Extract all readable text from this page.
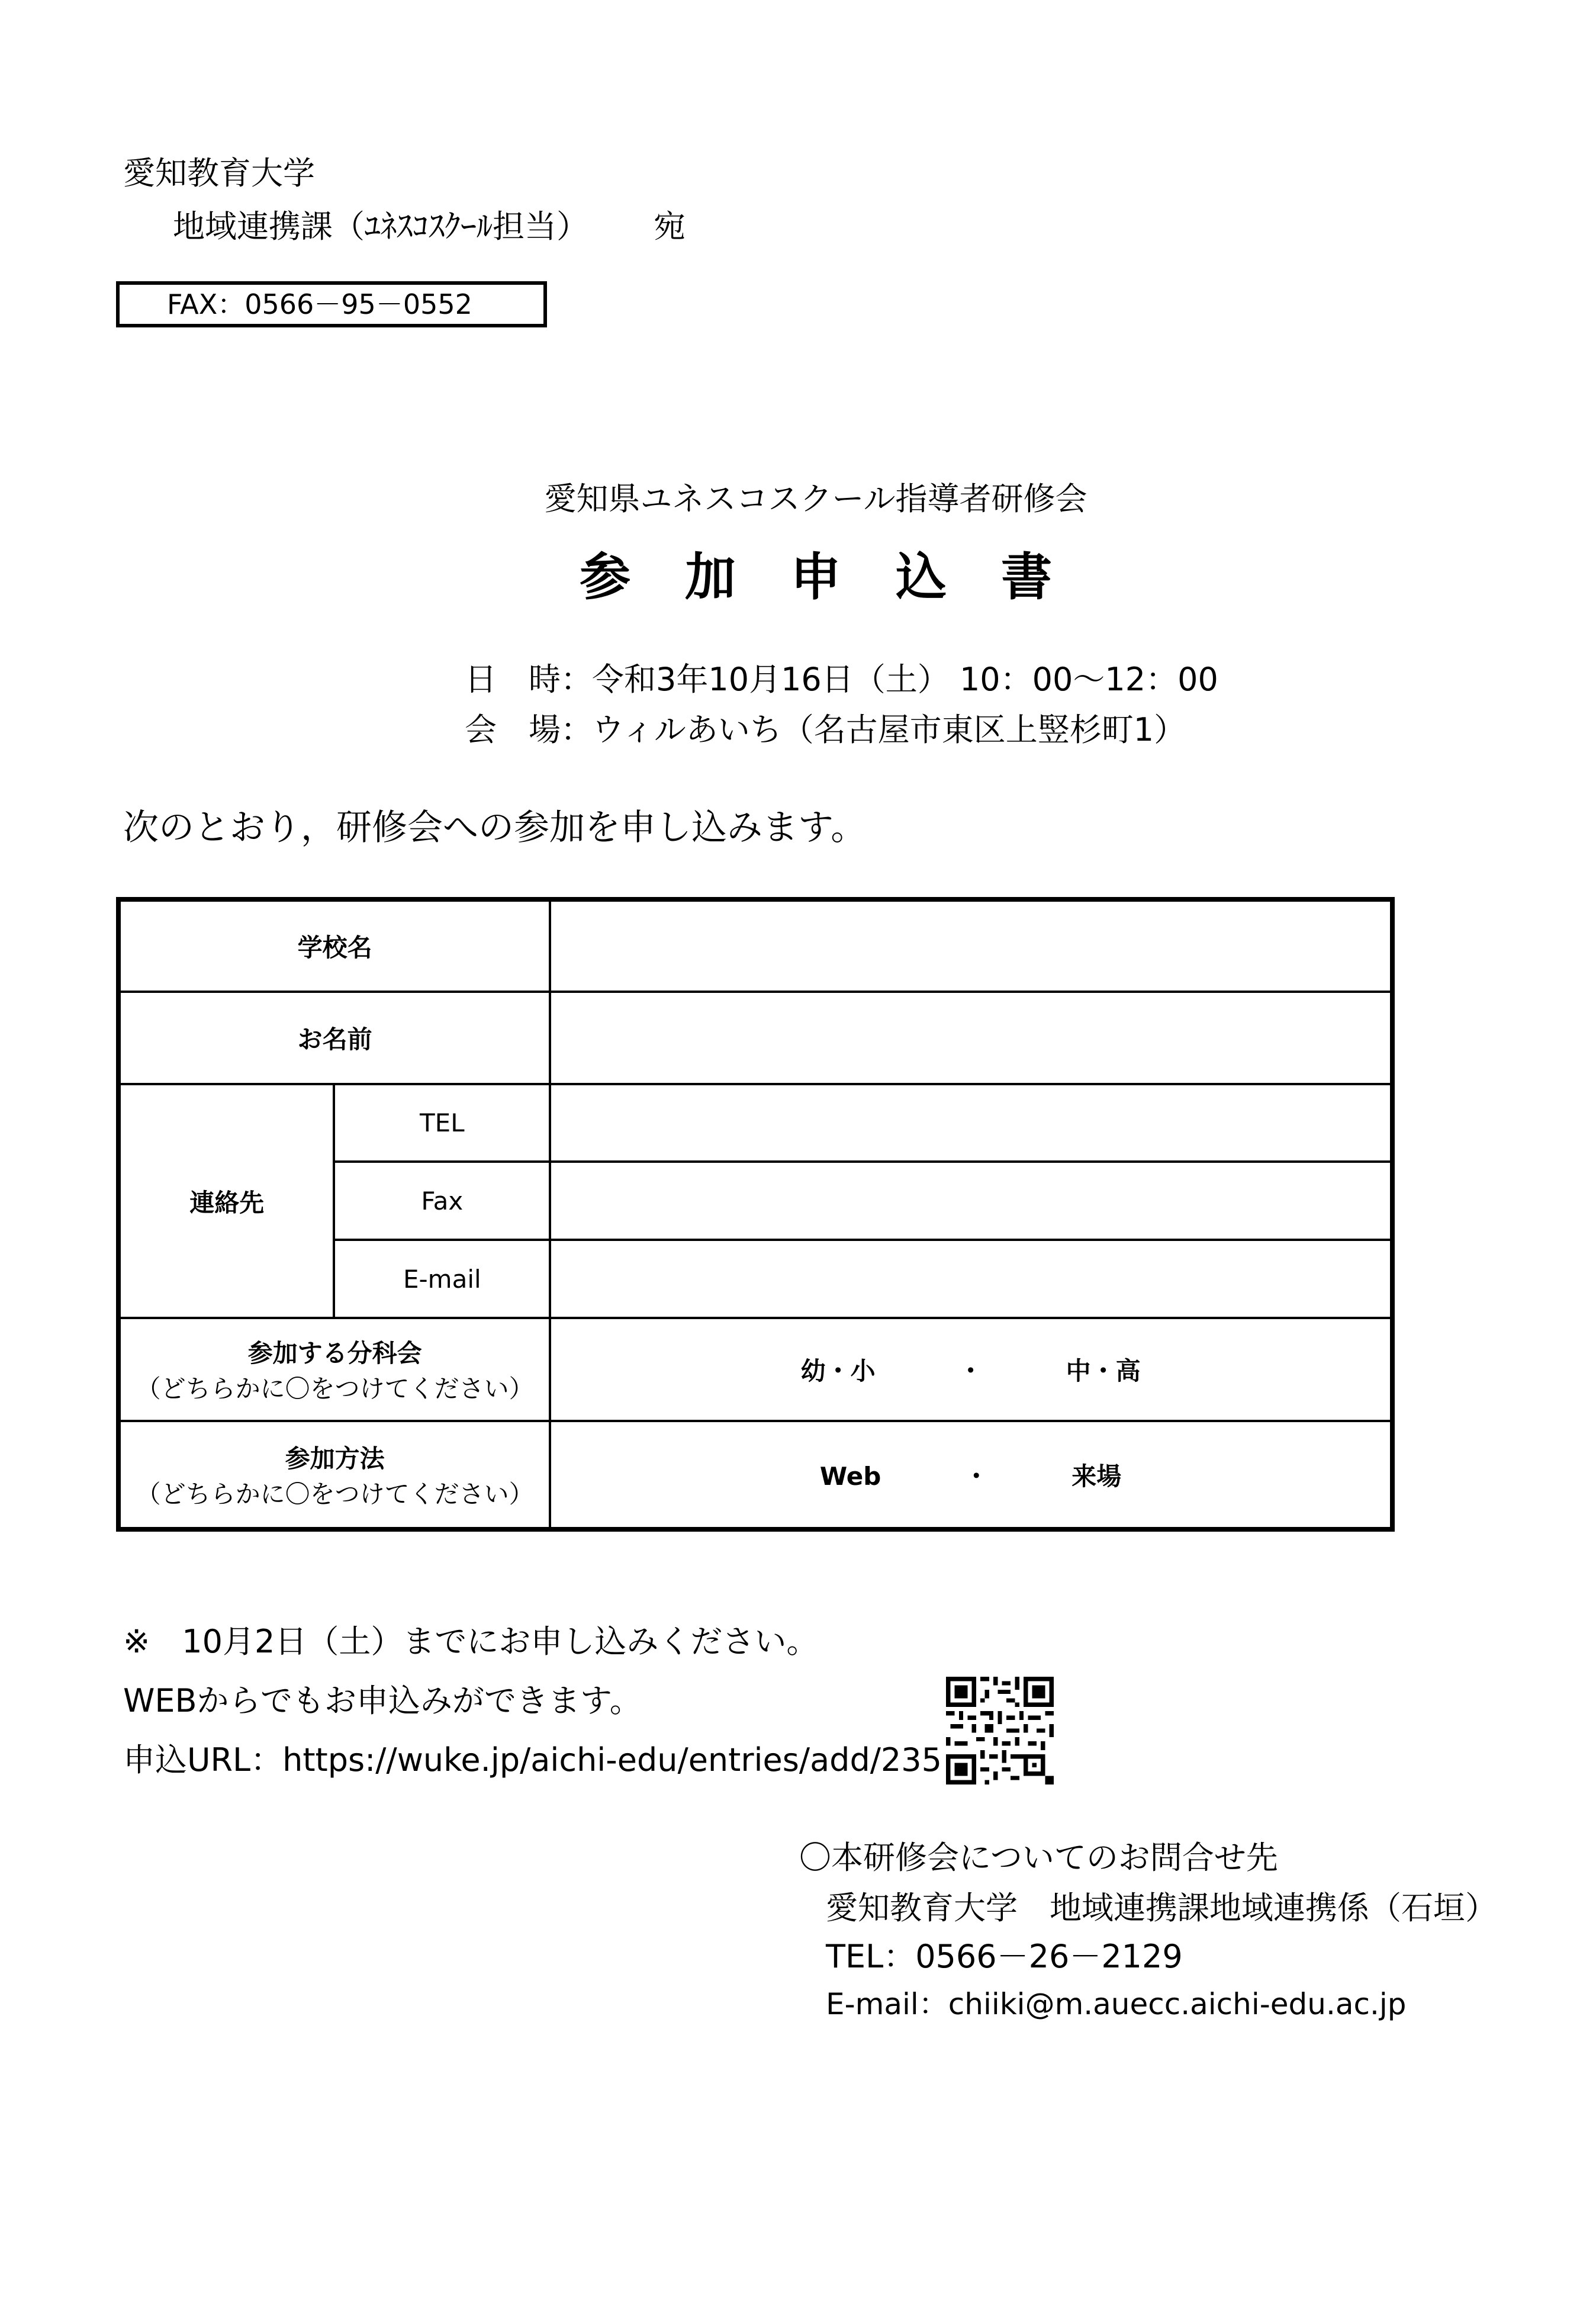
愛知教育大学
地域連携課（ﾕﾈｽｺｽｸｰﾙ担当） 宛
FAX：0566－95－0552
愛知県ユネスコスクール指導者研修会
参 加 申 込 書
日　時：令和3年10月16日（土） 10：00～12：00
会　場：ウィルあいち（名古屋市東区上竪杉町1）
次のとおり，研修会への参加を申し込みます。
学校名		
お名前		
連絡先	TEL	
	Fax	
	E-mail	

参加する分科会
（どちらかに〇をつけてください）		幼・小 ・ 中・高

参加方法
（どちらかに〇をつけてください）		Web ・ 来場
※　10月2日（土）までにお申し込みください。
WEBからでもお申込みができます。
申込URL：https://wuke.jp/aichi-edu/entries/add/235
〇本研修会についてのお問合せ先
愛知教育大学　地域連携課地域連携係（石垣）
TEL：0566－26－2129
E-mail：chiiki@m.auecc.aichi-edu.ac.jp
